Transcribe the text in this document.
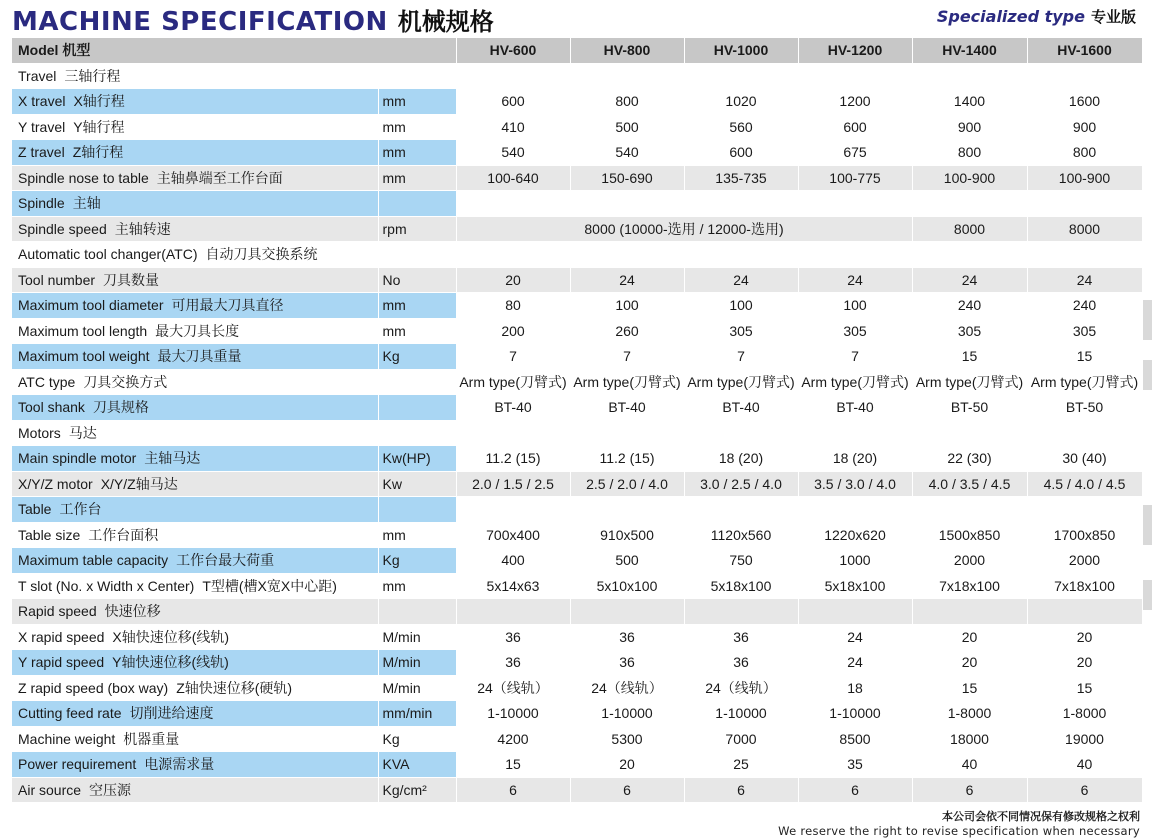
MACHINE SPECIFICATION 机械规格	Specialized type 专业版
Model 机型		HV-600	HV-800	HV-1000	HV-1200	HV-1400	HV-1600
Travel 三轴行程							
X travel X轴行程	mm	600	800	1020	1200	1400	1600
Y travel Y轴行程	mm	410	500	560	600	900	900
Z travel Z轴行程	mm	540	540	600	675	800	800
Spindle nose to table 主轴鼻端至工作台面	mm	100-640	150-690	135-735	100-775	100-900	100-900
Spindle 主轴							
Spindle speed 主轴转速	rpm	8000 (10000-选用 / 12000-选用)				8000	8000
Automatic tool changer(ATC) 自动刀具交换系统							
Tool number 刀具数量	No	20	24	24	24	24	24
Maximum tool diameter 可用最大刀具直径	mm	80	100	100	100	240	240
Maximum tool length 最大刀具长度	mm	200	260	305	305	305	305
Maximum tool weight 最大刀具重量	Kg	7	7	7	7	15	15
ATC type 刀具交换方式		Arm type(刀臂式)	Arm type(刀臂式)	Arm type(刀臂式)	Arm type(刀臂式)	Arm type(刀臂式)	Arm type(刀臂式)
Tool shank 刀具规格		BT-40	BT-40	BT-40	BT-40	BT-50	BT-50
Motors 马达							
Main spindle motor 主轴马达	Kw(HP)	11.2 (15)	11.2 (15)	18 (20)	18 (20)	22 (30)	30 (40)
X/Y/Z motor X/Y/Z轴马达	Kw	2.0 / 1.5 / 2.5	2.5 / 2.0 / 4.0	3.0 / 2.5 / 4.0	3.5 / 3.0 / 4.0	4.0 / 3.5 / 4.5	4.5 / 4.0 / 4.5
Table 工作台							
Table size 工作台面积	mm	700x400	910x500	1120x560	1220x620	1500x850	1700x850
Maximum table capacity 工作台最大荷重	Kg	400	500	750	1000	2000	2000
T slot (No. x Width x Center) T型槽(槽X宽X中心距)	mm	5x14x63	5x10x100	5x18x100	5x18x100	7x18x100	7x18x100
Rapid speed 快速位移							
X rapid speed X轴快速位移(线轨)	M/min	36	36	36	24	20	20
Y rapid speed Y轴快速位移(线轨)	M/min	36	36	36	24	20	20
Z rapid speed (box way) Z轴快速位移(硬轨)	M/min	24（线轨）	24（线轨）	24（线轨）	18	15	15
Cutting feed rate 切削进给速度	mm/min	1-10000	1-10000	1-10000	1-10000	1-8000	1-8000
Machine weight 机器重量	Kg	4200	5300	7000	8500	18000	19000
Power requirement 电源需求量	KVA	15	20	25	35	40	40
Air source 空压源	Kg/cm²	6	6	6	6	6	6
本公司会依不同情况保有修改规格之权利
We reserve the right to revise specification when necessary
